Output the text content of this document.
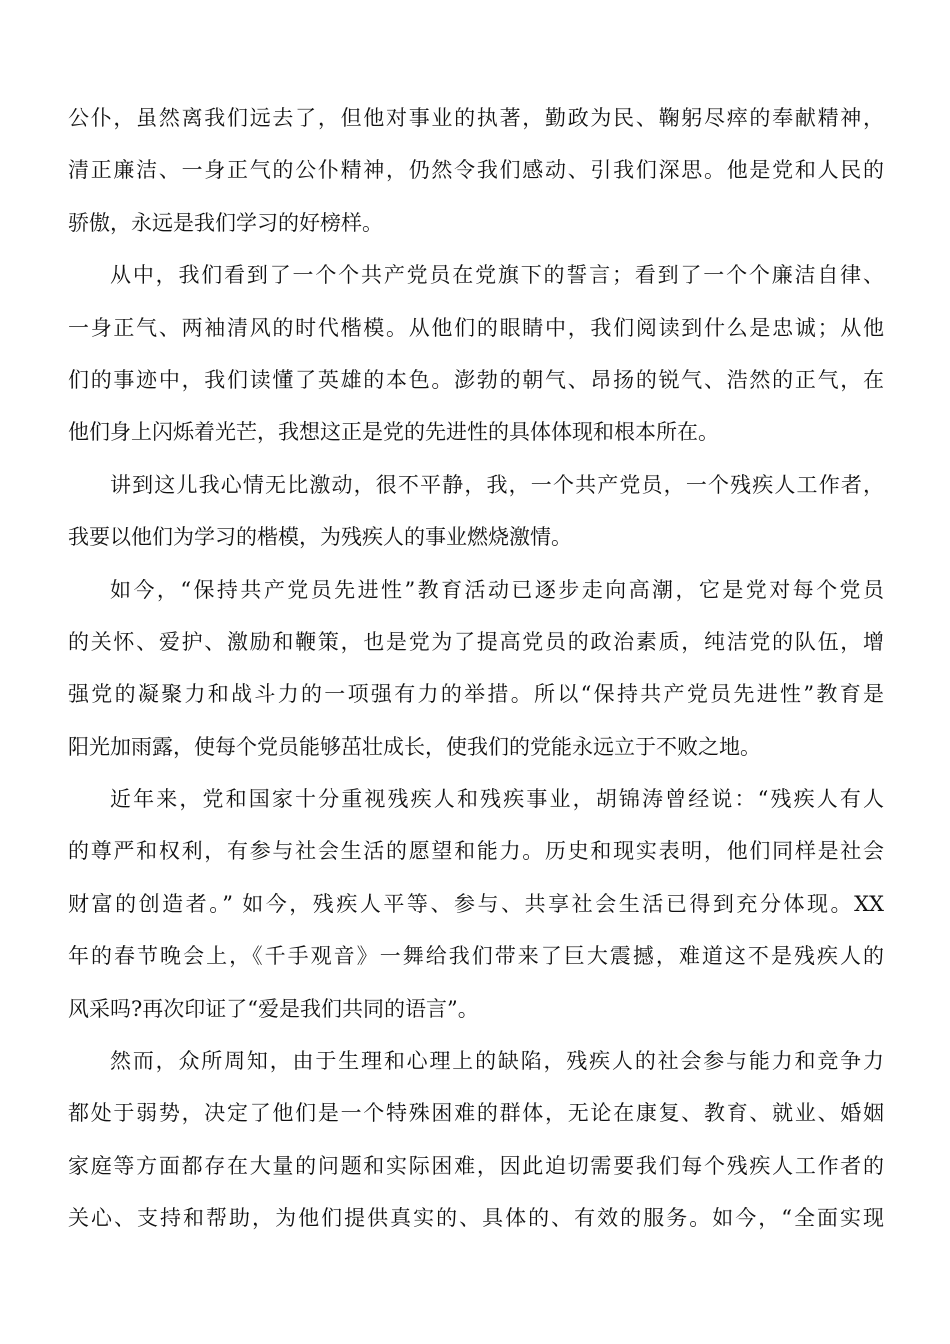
公仆，虽然离我们远去了，但他对事业的执著，勤政为民、鞠躬尽瘁的奉献精神，
清正廉洁、一身正气的公仆精神，仍然令我们感动、引我们深思。他是党和人民的
骄傲，永远是我们学习的好榜样。
从中，我们看到了一个个共产党员在党旗下的誓言；看到了一个个廉洁自律、
一身正气、两袖清风的时代楷模。从他们的眼睛中，我们阅读到什么是忠诚；从他
们的事迹中，我们读懂了英雄的本色。澎勃的朝气、昂扬的锐气、浩然的正气，在
他们身上闪烁着光芒，我想这正是党的先进性的具体体现和根本所在。
讲到这儿我心情无比激动，很不平静，我，一个共产党员，一个残疾人工作者，
我要以他们为学习的楷模，为残疾人的事业燃烧激情。
如今，“保持共产党员先进性”教育活动已逐步走向高潮，它是党对每个党员
的关怀、爱护、激励和鞭策，也是党为了提高党员的政治素质，纯洁党的队伍，增
强党的凝聚力和战斗力的一项强有力的举措。所以“保持共产党员先进性”教育是
阳光加雨露，使每个党员能够茁壮成长，使我们的党能永远立于不败之地。
近年来，党和国家十分重视残疾人和残疾事业，胡锦涛曾经说：“残疾人有人
的尊严和权利，有参与社会生活的愿望和能力。历史和现实表明，他们同样是社会
财富的创造者。” 如今，残疾人平等、参与、共享社会生活已得到充分体现。XX
年的春节晚会上，《千手观音》一舞给我们带来了巨大震撼，难道这不是残疾人的
风采吗?再次印证了“爱是我们共同的语言”。
然而，众所周知，由于生理和心理上的缺陷，残疾人的社会参与能力和竞争力
都处于弱势，决定了他们是一个特殊困难的群体，无论在康复、教育、就业、婚姻
家庭等方面都存在大量的问题和实际困难，因此迫切需要我们每个残疾人工作者的
关心、支持和帮助，为他们提供真实的、具体的、有效的服务。如今，“全面实现
